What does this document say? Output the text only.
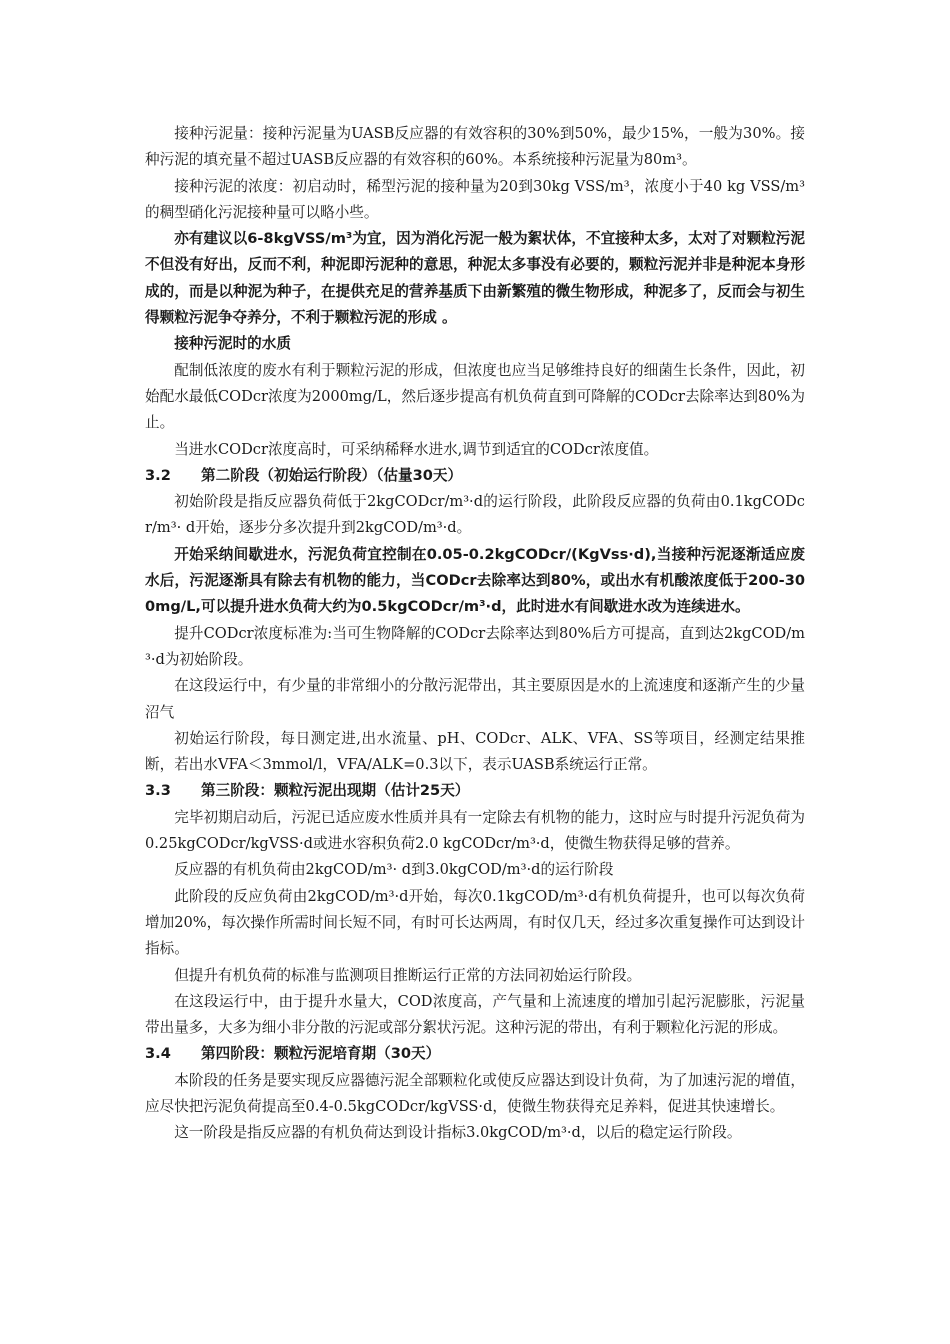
接种污泥量：接种污泥量为UASB反应器的有效容积的30%到50%，最少15%，一般为30%。接种污泥的填充量不超过UASB反应器的有效容积的60%。本系统接种污泥量为80m³。

接种污泥的浓度：初启动时，稀型污泥的接种量为20到30kg VSS/m³，浓度小于40 kg VSS/m³的稠型硝化污泥接种量可以略小些。

亦有建议以6-8kgVSS/m³为宜，因为消化污泥一般为絮状体，不宜接种太多，太对了对颗粒污泥不但没有好出，反而不利，种泥即污泥种的意思，种泥太多事没有必要的，颗粒污泥并非是种泥本身形成的，而是以种泥为种子，在提供充足的营养基质下由新繁殖的微生物形成，种泥多了，反而会与初生得颗粒污泥争夺养分，不利于颗粒污泥的形成 。

接种污泥时的水质

配制低浓度的废水有利于颗粒污泥的形成，但浓度也应当足够维持良好的细菌生长条件，因此，初始配水最低CODcr浓度为2000mg/L，然后逐步提高有机负荷直到可降解的CODcr去除率达到80%为止。

当进水CODcr浓度高时，可采纳稀释水进水,调节到适宜的CODcr浓度值。

3.2 第二阶段（初始运行阶段）（估量30天）

初始阶段是指反应器负荷低于2kgCODcr/m³·d的运行阶段，此阶段反应器的负荷由0.1kgCODcr/m³· d开始，逐步分多次提升到2kgCOD/m³·d。

开始采纳间歇进水，污泥负荷宜控制在0.05-0.2kgCODcr/(KgVss·d),当接种污泥逐渐适应废水后，污泥逐渐具有除去有机物的能力，当CODcr去除率达到80%，或出水有机酸浓度低于200-300mg/L,可以提升进水负荷大约为0.5kgCODcr/m³·d，此时进水有间歇进水改为连续进水。

提升CODcr浓度标准为:当可生物降解的CODcr去除率达到80%后方可提高，直到达2kgCOD/m³·d为初始阶段。

在这段运行中，有少量的非常细小的分散污泥带出，其主要原因是水的上流速度和逐渐产生的少量沼气

初始运行阶段，每日测定进,出水流量、pH、CODcr、ALK、VFA、SS等项目，经测定结果推断，若出水VFA＜3mmol/l，VFA/ALK=0.3以下，表示UASB系统运行正常。

3.3 第三阶段：颗粒污泥出现期（估计25天）

完毕初期启动后，污泥已适应废水性质并具有一定除去有机物的能力，这时应与时提升污泥负荷为0.25kgCODcr/kgVSS·d或进水容积负荷2.0 kgCODcr/m³·d，使微生物获得足够的营养。

反应器的有机负荷由2kgCOD/m³· d到3.0kgCOD/m³·d的运行阶段

此阶段的反应负荷由2kgCOD/m³·d开始，每次0.1kgCOD/m³·d有机负荷提升，也可以每次负荷增加20%，每次操作所需时间长短不同，有时可长达两周，有时仅几天，经过多次重复操作可达到设计指标。

但提升有机负荷的标准与监测项目推断运行正常的方法同初始运行阶段。

在这段运行中，由于提升水量大，COD浓度高，产气量和上流速度的增加引起污泥膨胀，污泥量带出量多，大多为细小非分散的污泥或部分絮状污泥。这种污泥的带出，有利于颗粒化污泥的形成。

3.4 第四阶段：颗粒污泥培育期（30天）

本阶段的任务是要实现反应器德污泥全部颗粒化或使反应器达到设计负荷，为了加速污泥的增值，应尽快把污泥负荷提高至0.4-0.5kgCODcr/kgVSS·d，使微生物获得充足养料，促进其快速增长。

这一阶段是指反应器的有机负荷达到设计指标3.0kgCOD/m³·d，以后的稳定运行阶段。
